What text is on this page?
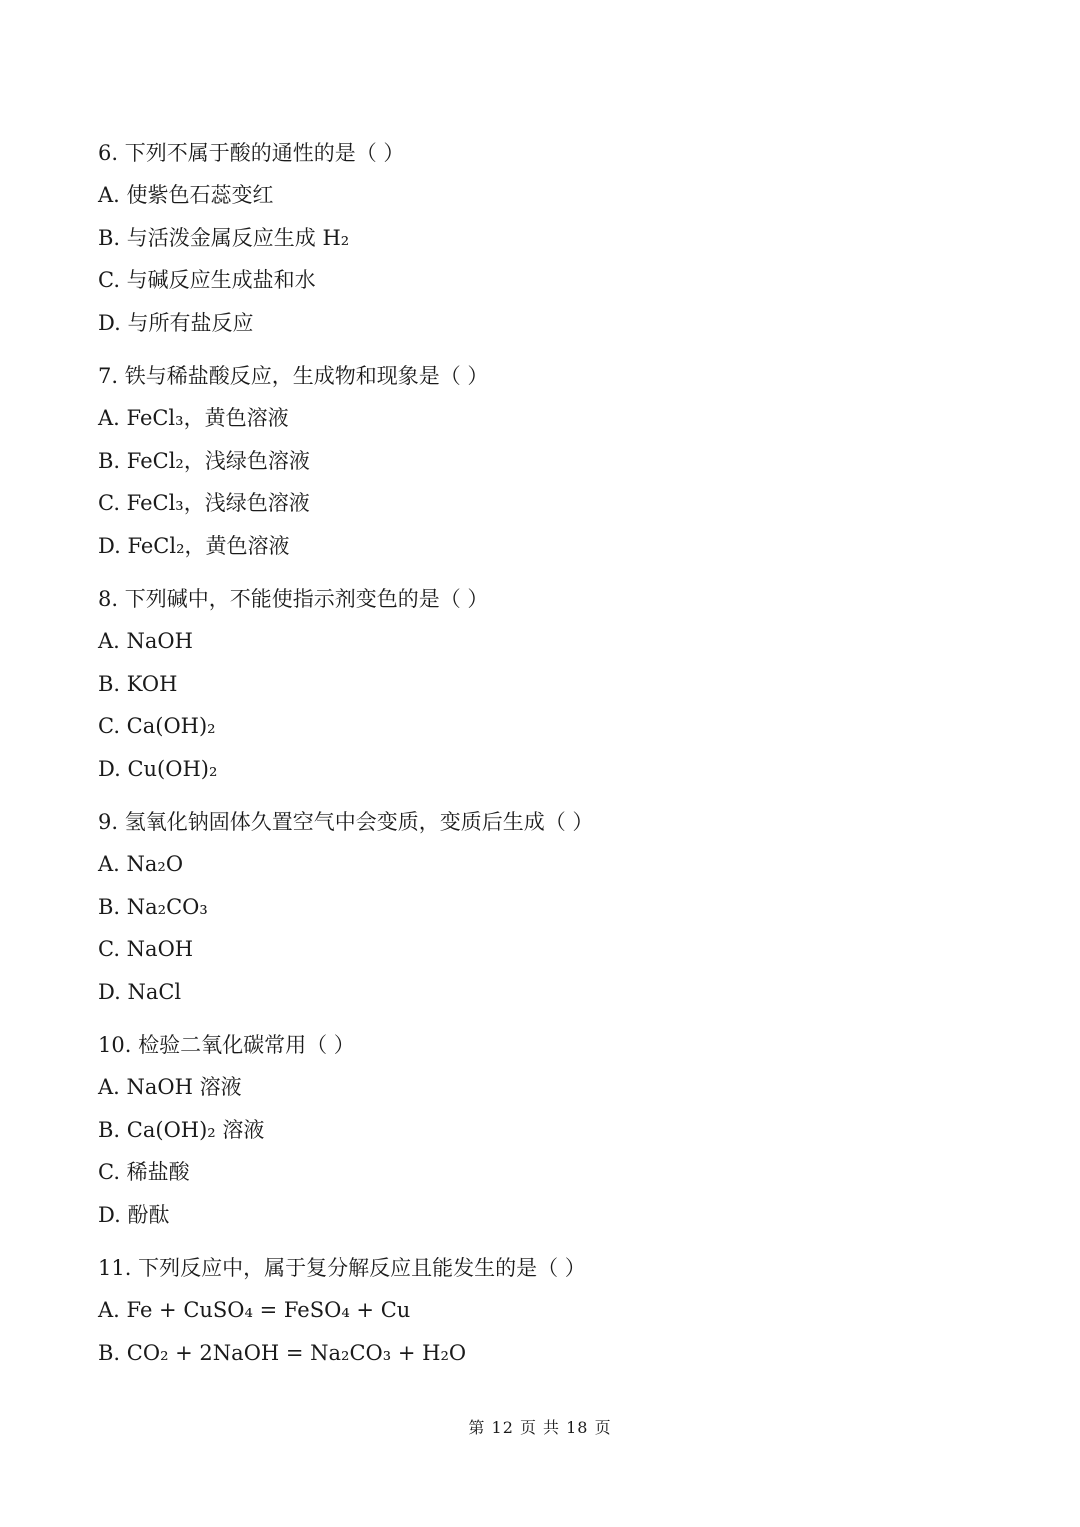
6. 下列不属于酸的通性的是（ ）
A. 使紫色石蕊变红
B. 与活泼金属反应生成 H₂
C. 与碱反应生成盐和水
D. 与所有盐反应
7. 铁与稀盐酸反应，生成物和现象是（ ）
A. FeCl₃，黄色溶液
B. FeCl₂，浅绿色溶液
C. FeCl₃，浅绿色溶液
D. FeCl₂，黄色溶液
8. 下列碱中，不能使指示剂变色的是（ ）
A. NaOH
B. KOH
C. Ca(OH)₂
D. Cu(OH)₂
9. 氢氧化钠固体久置空气中会变质，变质后生成（ ）
A. Na₂O
B. Na₂CO₃
C. NaOH
D. NaCl
10. 检验二氧化碳常用（ ）
A. NaOH 溶液
B. Ca(OH)₂ 溶液
C. 稀盐酸
D. 酚酞
11. 下列反应中，属于复分解反应且能发生的是（ ）
A. Fe + CuSO₄ = FeSO₄ + Cu
B. CO₂ + 2NaOH = Na₂CO₃ + H₂O
第 12 页 共 18 页
